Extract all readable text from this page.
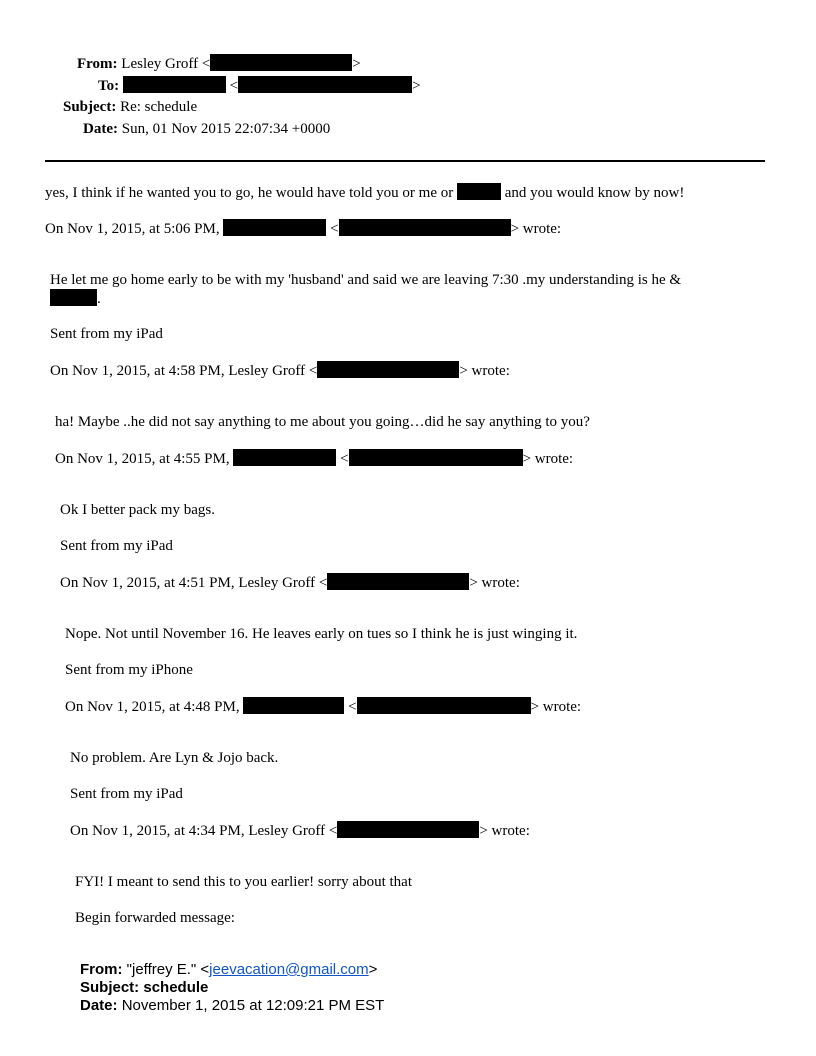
From: Lesley Groff <	>
To:	<	>
Subject: Re: schedule
Date: Sun, 01 Nov 2015 22:07:34 +0000
yes, I think if he wanted you to go, he would have told you or me or	and you would know by now!
On Nov 1, 2015, at 5:06 PM,	<	> wrote:
He let me go home early to be with my 'husband' and said we are leaving 7:30 .my understanding is he &
.
Sent from my iPad
On Nov 1, 2015, at 4:58 PM, Lesley Groff <	> wrote:
ha! Maybe ..he did not say anything to me about you going…did he say anything to you?
On Nov 1, 2015, at 4:55 PM,	<	> wrote:
Ok I better pack my bags.
Sent from my iPad
On Nov 1, 2015, at 4:51 PM, Lesley Groff <	> wrote:
Nope. Not until November 16. He leaves early on tues so I think he is just winging it.
Sent from my iPhone
On Nov 1, 2015, at 4:48 PM,	<	> wrote:
No problem. Are Lyn & Jojo back.
Sent from my iPad
On Nov 1, 2015, at 4:34 PM, Lesley Groff <	> wrote:
FYI! I meant to send this to you earlier! sorry about that
Begin forwarded message:
From: "jeffrey E." <jeevacation@gmail.com>
Subject: schedule
Date: November 1, 2015 at 12:09:21 PM EST
